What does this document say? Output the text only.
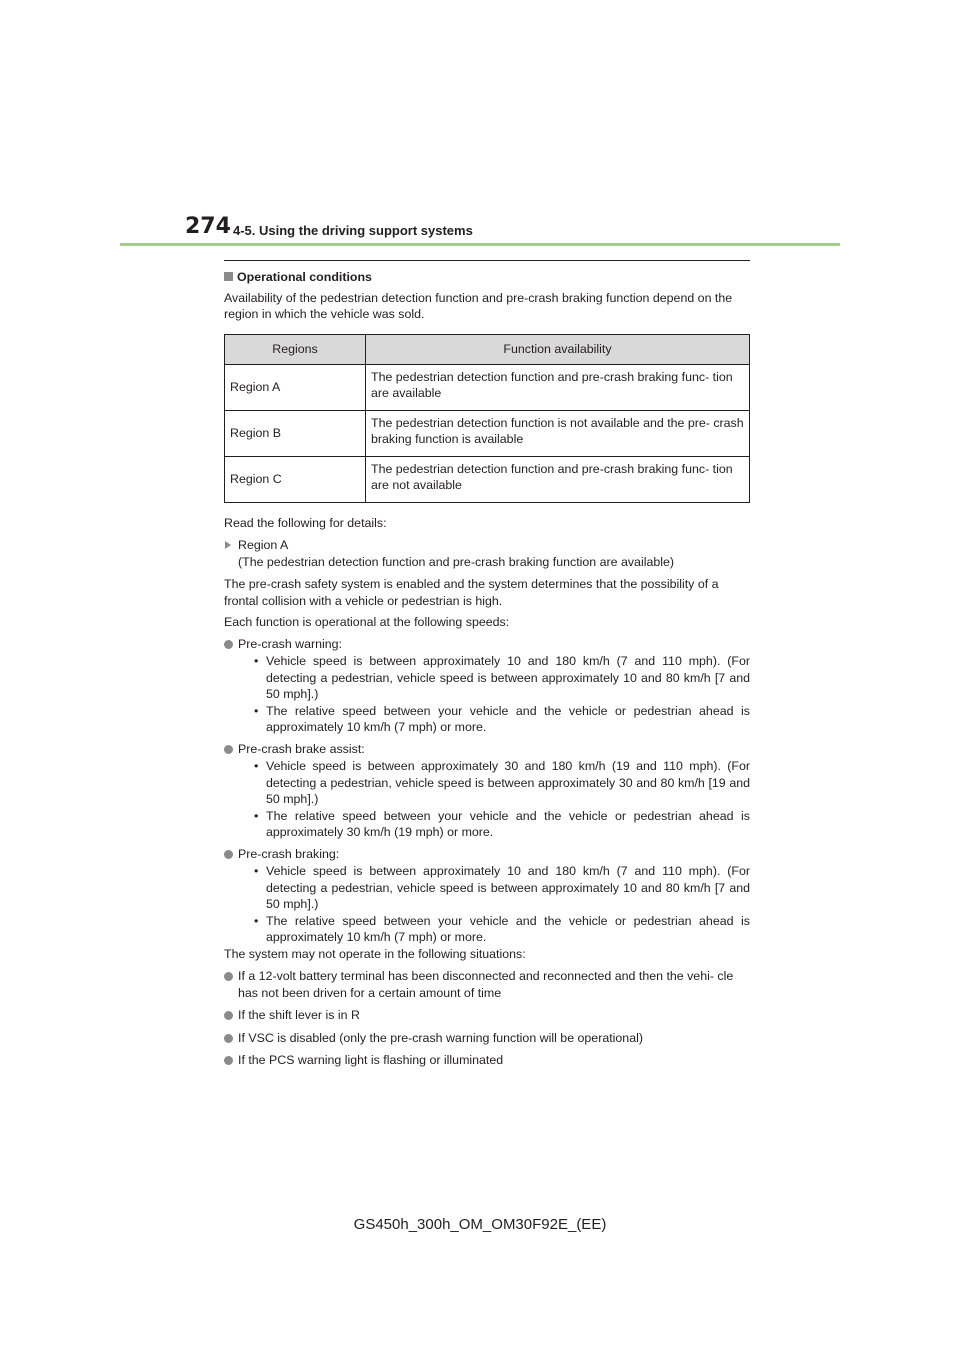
274 4-5. Using the driving support systems
Operational conditions

Availability of the pedestrian detection function and pre-crash braking function depend on the region in which the vehicle was sold.

Regions	Function availability
Region A	The pedestrian detection function and pre-crash braking func- tion are available
Region B	The pedestrian detection function is not available and the pre- crash braking function is available
Region C	The pedestrian detection function and pre-crash braking func- tion are not available

Read the following for details:

Region A
(The pedestrian detection function and pre-crash braking function are available)

The pre-crash safety system is enabled and the system determines that the possibility of a frontal collision with a vehicle or pedestrian is high.

Each function is operational at the following speeds:

Pre-crash warning:
• Vehicle speed is between approximately 10 and 180 km/h (7 and 110 mph). (For detecting a pedestrian, vehicle speed is between approximately 10 and 80 km/h [7 and 50 mph].)
• The relative speed between your vehicle and the vehicle or pedestrian ahead is approximately 10 km/h (7 mph) or more.
Pre-crash brake assist:
• Vehicle speed is between approximately 30 and 180 km/h (19 and 110 mph). (For detecting a pedestrian, vehicle speed is between approximately 30 and 80 km/h [19 and 50 mph].)
• The relative speed between your vehicle and the vehicle or pedestrian ahead is approximately 30 km/h (19 mph) or more.
Pre-crash braking:
• Vehicle speed is between approximately 10 and 180 km/h (7 and 110 mph). (For detecting a pedestrian, vehicle speed is between approximately 10 and 80 km/h [7 and 50 mph].)
• The relative speed between your vehicle and the vehicle or pedestrian ahead is approximately 10 km/h (7 mph) or more.

The system may not operate in the following situations:

If a 12-volt battery terminal has been disconnected and reconnected and then the vehi- cle has not been driven for a certain amount of time
If the shift lever is in R
If VSC is disabled (only the pre-crash warning function will be operational)
If the PCS warning light is flashing or illuminated
GS450h_300h_OM_OM30F92E_(EE)
